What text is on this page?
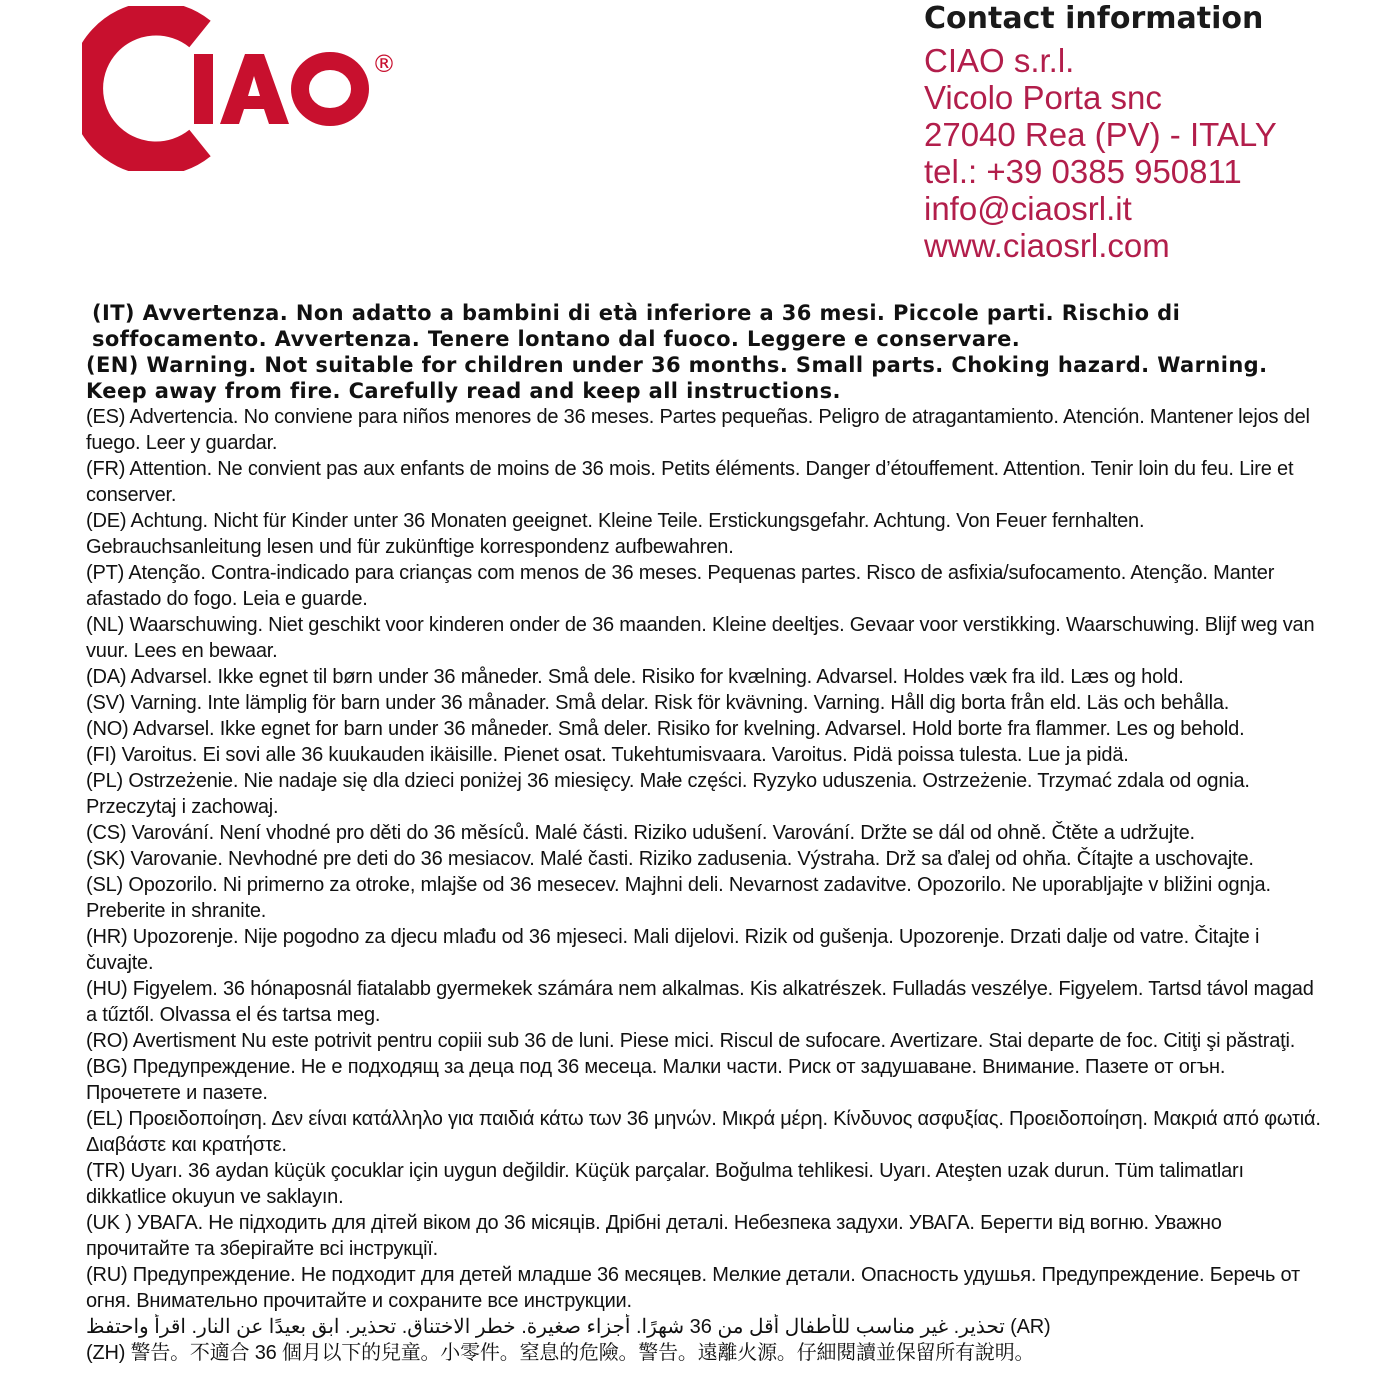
®
Contact information
CIAO s.r.l.
Vicolo Porta snc
27040 Rea (PV) - ITALY
tel.: +39 0385 950811
info@ciaosrl.it
www.ciaosrl.com

(IT) Avvertenza. Non adatto a bambini di età inferiore a 36 mesi. Piccole parti. Rischio di soffocamento. Avvertenza. Tenere lontano dal fuoco. Leggere e conservare.

(EN) Warning. Not suitable for children under 36 months. Small parts. Choking hazard. Warning. Keep away from fire. Carefully read and keep all instructions.

(ES) Advertencia. No conviene para niños menores de 36 meses. Partes pequeñas. Peligro de atragantamiento. Atención. Mantener lejos del fuego. Leer y guardar.

(FR) Attention. Ne convient pas aux enfants de moins de 36 mois. Petits éléments. Danger d’étouffement. Attention. Tenir loin du feu. Lire et conserver.

(DE) Achtung. Nicht für Kinder unter 36 Monaten geeignet. Kleine Teile. Erstickungsgefahr. Achtung. Von Feuer fernhalten. Gebrauchsanleitung lesen und für zukünftige korrespondenz aufbewahren.

(PT) Atenção. Contra-indicado para crianças com menos de 36 meses. Pequenas partes. Risco de asfixia/sufocamento. Atenção. Manter afastado do fogo. Leia e guarde.

(NL) Waarschuwing. Niet geschikt voor kinderen onder de 36 maanden. Kleine deeltjes. Gevaar voor verstikking. Waarschuwing. Blijf weg van vuur. Lees en bewaar.

(DA) Advarsel. Ikke egnet til børn under 36 måneder. Små dele. Risiko for kvælning. Advarsel. Holdes væk fra ild. Læs og hold.

(SV) Varning. Inte lämplig för barn under 36 månader. Små delar. Risk för kvävning. Varning. Håll dig borta från eld. Läs och behålla.

(NO) Advarsel. Ikke egnet for barn under 36 måneder. Små deler. Risiko for kvelning. Advarsel. Hold borte fra flammer. Les og behold.

(FI) Varoitus. Ei sovi alle 36 kuukauden ikäisille. Pienet osat. Tukehtumisvaara. Varoitus. Pidä poissa tulesta. Lue ja pidä.

(PL) Ostrzeżenie. Nie nadaje się dla dzieci poniżej 36 miesięcy. Małe części. Ryzyko uduszenia. Ostrzeżenie. Trzymać zdala od ognia. Przeczytaj i zachowaj.

(CS) Varování. Není vhodné pro děti do 36 měsíců. Malé části. Riziko udušení. Varování. Držte se dál od ohně. Čtěte a udržujte.

(SK) Varovanie. Nevhodné pre deti do 36 mesiacov. Malé časti. Riziko zadusenia. Výstraha. Drž sa ďalej od ohňa. Čítajte a uschovajte.

(SL) Opozorilo. Ni primerno za otroke, mlajše od 36 mesecev. Majhni deli. Nevarnost zadavitve. Opozorilo. Ne uporabljajte v bližini ognja. Preberite in shranite.

(HR) Upozorenje. Nije pogodno za djecu mlađu od 36 mjeseci. Mali dijelovi. Rizik od gušenja. Upozorenje. Drzati dalje od vatre. Čitajte i čuvajte.

(HU) Figyelem. 36 hónaposnál fiatalabb gyermekek számára nem alkalmas. Kis alkatrészek. Fulladás veszélye. Figyelem. Tartsd távol magad a tűztől. Olvassa el és tartsa meg.

(RO) Avertisment Nu este potrivit pentru copiii sub 36 de luni. Piese mici. Riscul de sufocare. Avertizare. Stai departe de foc. Citiţi şi păstraţi.

(BG) Предупреждение. Не е подходящ за деца под 36 месеца. Малки части. Риск от задушаване. Внимание. Пазете от огън. Прочетете и пазете.

(EL) Προειδοποίηση. Δεν είναι κατάλληλο για παιδιά κάτω των 36 μηνών. Μικρά μέρη. Κίνδυνος ασφυξίας. Προειδοποίηση. Μακριά από φωτιά. Διαβάστε και κρατήστε.

(TR) Uyarı. 36 aydan küçük çocuklar için uygun değildir. Küçük parçalar. Boğulma tehlikesi. Uyarı. Ateşten uzak durun. Tüm talimatları dikkatlice okuyun ve saklayın.

(UK ) УВАГА. Не підходить для дітей віком до 36 місяців. Дрібні деталі. Небезпека задухи. УВАГА. Берегти від вогню. Уважно прочитайте та зберігайте всі інструкції.

(RU) Предупреждение. Не подходит для детей младше 36 месяцев. Мелкие детали. Опасность удушья. Предупреждение. Беречь от огня. Внимательно прочитайте и сохраните все инструкции.

(AR) تحذير. غير مناسب للأطفال أقل من 36 شهرًا. أجزاء صغيرة. خطر الاختناق. تحذير. ابق بعيدًا عن النار. اقرأ واحتفظ

(ZH) 警告。不適合 36 個月以下的兒童。小零件。窒息的危險。警告。遠離火源。仔細閱讀並保留所有說明。
